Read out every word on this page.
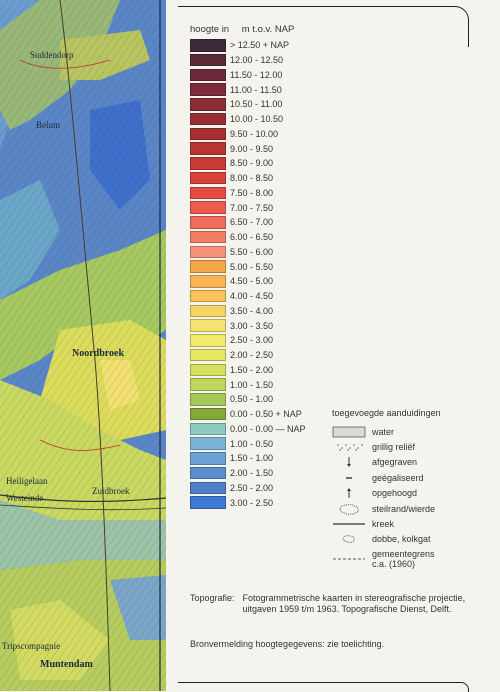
Suddendorp
Belum
Noordbroek
Heiligelaan
Westeinde
Zuidbroek
Tripscompagnie
Muntendam
hoogte in m t.o.v. NAP
> 12.50 + NAP
12.00 - 12.50
11.50 - 12.00
11.00 - 11.50
10.50 - 11.00
10.00 - 10.50
9.50 - 10.00
9.00 - 9.50
8.50 - 9.00
8.00 - 8.50
7.50 - 8.00
7.00 - 7.50
6.50 - 7.00
6.00 - 6.50
5.50 - 6.00
5.00 - 5.50
4.50 - 5.00
4.00 - 4.50
3.50 - 4.00
3.00 - 3.50
2.50 - 3.00
2.00 - 2.50
1.50 - 2.00
1.00 - 1.50
0.50 - 1.00
0.00 - 0.50 + NAP
0.00 - 0.00 — NAP
1.00 - 0.50
1.50 - 1.00
2.00 - 1.50
2.50 - 2.00
3.00 - 2.50
toegevoegde aanduidingen
water
grillig reliëf
afgegraven
geégaliseerd
opgehoogd
steilrand/wierde
kreek
dobbe, kolkgat
gemeentegrens c.a. (1960)
Topografie: Fotogrammetrische kaarten in stereografische projectie, uitgaven 1959 t/m 1963. Topografische Dienst, Delft.
Bronvermelding hoogtegegevens: zie toelichting.
